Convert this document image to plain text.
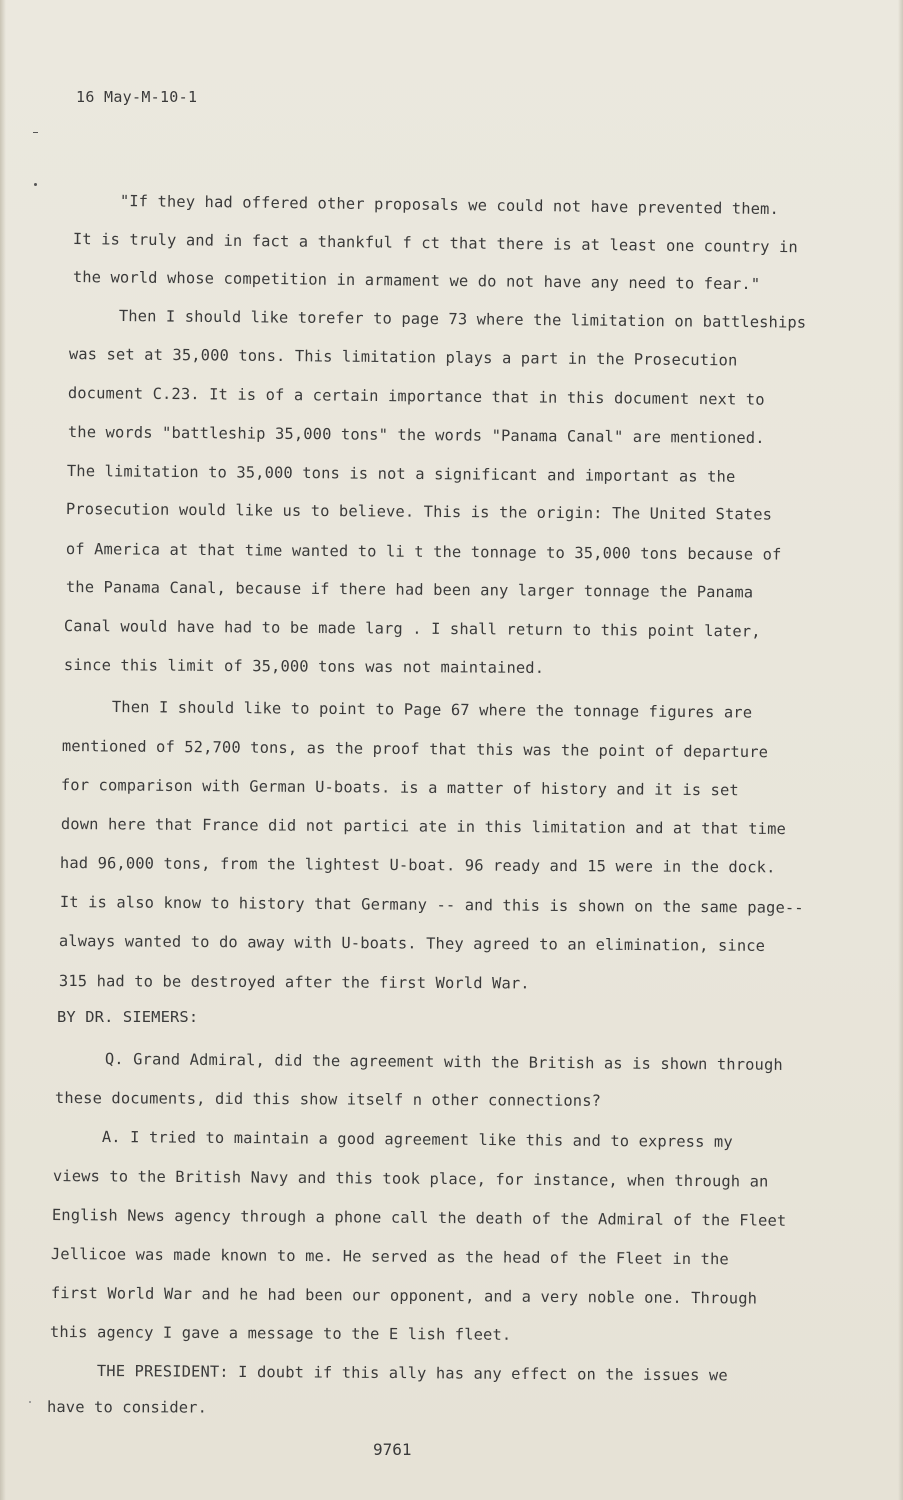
16 May-M-10-1
"If they had offered other proposals we could not have prevented them.
It is truly and in fact a thankful f ct that there is at least one country in
the world whose competition in armament we do not have any need to fear."
Then I should like torefer to page 73 where the limitation on battleships
was set at 35,000 tons. This limitation plays a part in the Prosecution
document C.23. It is of a certain importance that in this document next to
the words "battleship 35,000 tons" the words "Panama Canal" are mentioned.
The limitation to 35,000 tons is not a significant and important as the
Prosecution would like us to believe. This is the origin: The United States
of America at that time wanted to li t the tonnage to 35,000 tons because of
the Panama Canal, because if there had been any larger tonnage the Panama
Canal would have had to be made larg . I shall return to this point later,
since this limit of 35,000 tons was not maintained.
Then I should like to point to Page 67 where the tonnage figures are
mentioned of 52,700 tons, as the proof that this was the point of departure
for comparison with German U-boats. is a matter of history and it is set
down here that France did not partici ate in this limitation and at that time
had 96,000 tons, from the lightest U-boat. 96 ready and 15 were in the dock.
It is also know to history that Germany -- and this is shown on the same page--
always wanted to do away with U-boats. They agreed to an elimination, since
315 had to be destroyed after the first World War.
BY DR. SIEMERS:
Q. Grand Admiral, did the agreement with the British as is shown through
these documents, did this show itself n other connections?
A. I tried to maintain a good agreement like this and to express my
views to the British Navy and this took place, for instance, when through an
English News agency through a phone call the death of the Admiral of the Fleet
Jellicoe was made known to me. He served as the head of the Fleet in the
first World War and he had been our opponent, and a very noble one. Through
this agency I gave a message to the E lish fleet.
THE PRESIDENT: I doubt if this ally has any effect on the issues we
have to consider.
9761
